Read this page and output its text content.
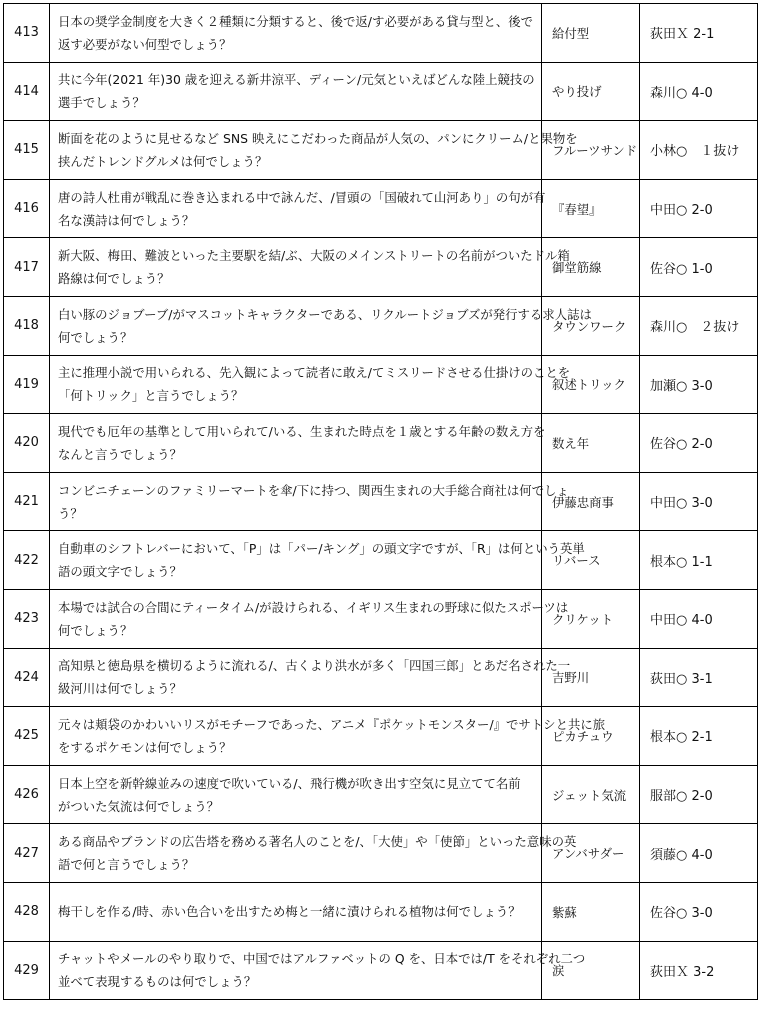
413	日本の奨学金制度を大きく２種類に分類すると、後で返/す必要がある貸与型と、後で
返す必要がない何型でしょう？	給付型	荻田Ｘ 2-1
414	共に今年(2021 年)30 歳を迎える新井涼平、ディーン/元気といえばどんな陸上競技の
選手でしょう？	やり投げ	森川○ 4-0
415	断面を花のように見せるなど SNS 映えにこだわった商品が人気の、パンにクリーム/と果物を
挟んだトレンドグルメは何でしょう？	フルーツサンド	小林○　１抜け
416	唐の詩人杜甫が戦乱に巻き込まれる中で詠んだ、/冒頭の「国破れて山河あり」の句が有
名な漢詩は何でしょう？	『春望』	中田○ 2-0
417	新大阪、梅田、難波といった主要駅を結/ぶ、大阪のメインストリートの名前がついたドル箱
路線は何でしょう？	御堂筋線	佐谷○ 1-0
418	白い豚のジョブーブ/がマスコットキャラクターである、リクルートジョブズが発行する求人誌は
何でしょう？	タウンワーク	森川○　２抜け
419	主に推理小説で用いられる、先入観によって読者に敢え/てミスリードさせる仕掛けのことを
「何トリック」と言うでしょう？	叙述トリック	加瀬○ 3-0
420	現代でも厄年の基準として用いられて/いる、生まれた時点を１歳とする年齢の数え方を
なんと言うでしょう？	数え年	佐谷○ 2-0
421	コンビニチェーンのファミリーマートを傘/下に持つ、関西生まれの大手総合商社は何でしょ
う？	伊藤忠商事	中田○ 3-0
422	自動車のシフトレバーにおいて、「P」は「パー/キング」の頭文字ですが、「R」は何という英単
語の頭文字でしょう？	リバース	根本○ 1-1
423	本場では試合の合間にティータイム/が設けられる、イギリス生まれの野球に似たスポーツは
何でしょう？	クリケット	中田○ 4-0
424	高知県と徳島県を横切るように流れる/、古くより洪水が多く「四国三郎」とあだ名された一
級河川は何でしょう？	吉野川	荻田○ 3-1
425	元々は頬袋のかわいいリスがモチーフであった、アニメ『ポケットモンスター/』でサトシと共に旅
をするポケモンは何でしょう？	ピカチュウ	根本○ 2-1
426	日本上空を新幹線並みの速度で吹いている/、飛行機が吹き出す空気に見立てて名前
がついた気流は何でしょう？	ジェット気流	服部○ 2-0
427	ある商品やブランドの広告塔を務める著名人のことを/、「大使」や「使節」といった意味の英
語で何と言うでしょう？	アンバサダー	須藤○ 4-0
428	梅干しを作る/時、赤い色合いを出すため梅と一緒に漬けられる植物は何でしょう？	紫蘇	佐谷○ 3-0
429	チャットやメールのやり取りで、中国ではアルファベットの Q を、日本では/T をそれぞれ二つ
並べて表現するものは何でしょう？	涙	荻田Ｘ 3-2
